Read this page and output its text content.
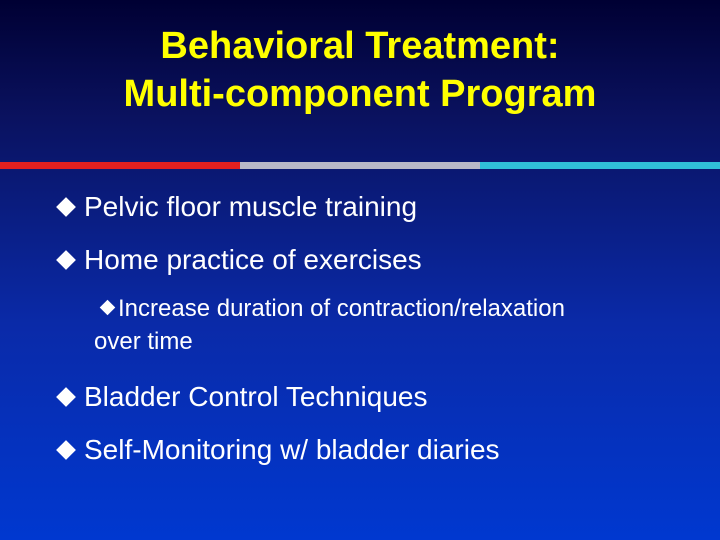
Behavioral Treatment:
Multi-component Program
Pelvic floor muscle training
Home practice of exercises
Increase duration of contraction/relaxation
over time
Bladder Control Techniques
Self-Monitoring w/ bladder diaries
